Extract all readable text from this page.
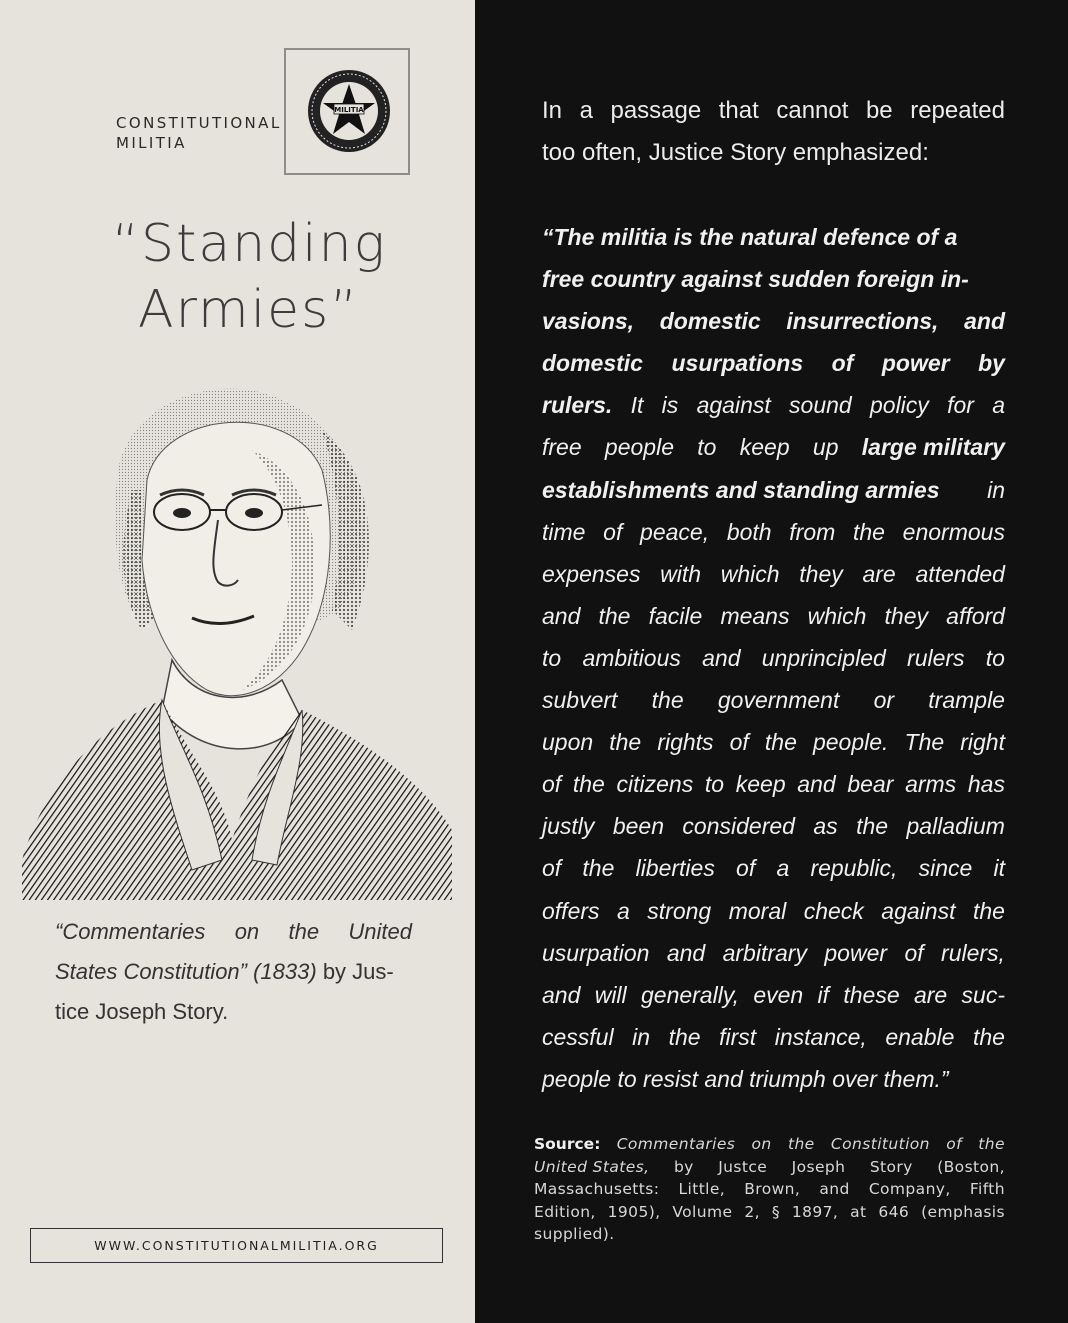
CONSTITUTIONAL
MILITIA
MILITIA
“Standing
Armies”
“Commentaries on the United
States Constitution” (1833) by Jus-
tice Joseph Story.
WWW.CONSTITUTIONALMILITIA.ORG
In a passage that cannot be repeated
too often, Justice Story emphasized:
“The militia is the natural defence of a
free country against sudden foreign in-
vasions, domestic insurrections, and
domestic usurpations of power by
rulers. It is against sound policy for a
free people to keep up large military
establishments and standing armies in
time of peace, both from the enormous
expenses with which they are attended
and the facile means which they afford
to ambitious and unprincipled rulers to
subvert the government or trample
upon the rights of the people. The right
of the citizens to keep and bear arms has
justly been considered as the palladium
of the liberties of a republic, since it
offers a strong moral check against the
usurpation and arbitrary power of rulers,
and will generally, even if these are suc-
cessful in the first instance, enable the
people to resist and triumph over them.”
Source: Commentaries on the Constitution of the
United States, by Justce Joseph Story (Boston,
Massachusetts: Little, Brown, and Company, Fifth
Edition, 1905), Volume 2, § 1897, at 646 (emphasis
supplied).
